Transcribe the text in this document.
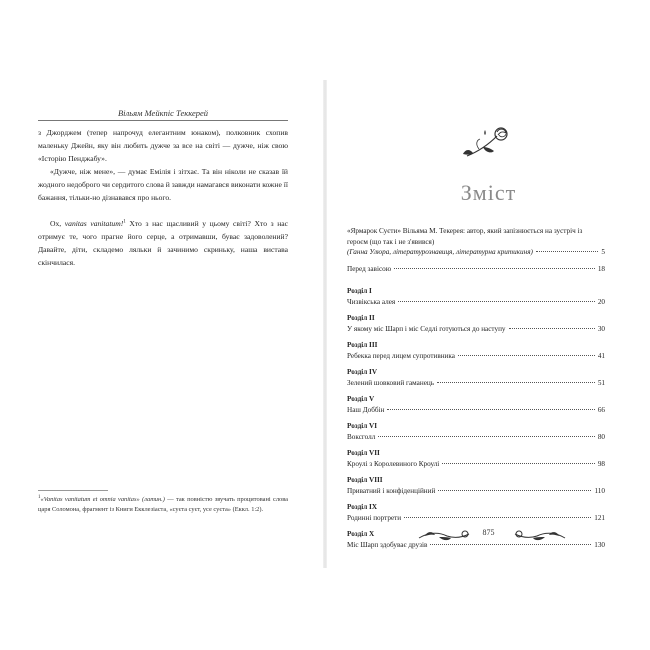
Вільям Мейкпіс Теккерей

з Джорджем (тепер напрочуд елегантним юнаком), полковник схопив маленьку Джейн, яку він любить дужче за все на світі — дужче, ніж свою «Історію Пенджабу».

«Дужче, ніж мене», — думає Емілія і зітхає. Та він ніколи не сказав їй жодного недоброго чи сердитого слова й завжди намагався виконати кожне її бажання, тільки-но дізнавався про нього.

Ох, vanitas vanitatum!$^1$ Хто з нас щасливий у цьому світі? Хто з нас отримує те, чого прагне його серце, а отримавши, буває задоволений? Давайте, діти, складемо ляльки й зачинимо скриньку, наша вистава скінчилася.

$^1$«Vanitas vanitatum et omnia vanitas» (латин.) — так повністю звучать процитовані слова царя Соломона, фрагмент із Книги Екклезіаста, «суєта суєт, усе суєта» (Еккл. 1:2).
Зміст
«Ярмарок Суєти» Вільяма М. Текерея: автор, який запізнюється на зустріч із героєм (що так і не з'явився)
(Ганна Улюра, літературознавиця, літературна критикиня)	5
Перед завісою	18
Розділ I
Чизвікська алея	20
Розділ II
У якому міс Шарп і міс Седлі готуються до наступу	30
Розділ III
Ребекка перед лицем супротивника	41
Розділ IV
Зелений шовковий гаманець	51
Розділ V
Наш Доббін	66
Розділ VI
Воксголл	80
Розділ VII
Кроулі з Королевиного Кроулі	98
Розділ VIII
Приватний і конфіденційний	110
Розділ IX
Родинні портрети	121
Розділ X
Міс Шарп здобуває друзів	130
875
